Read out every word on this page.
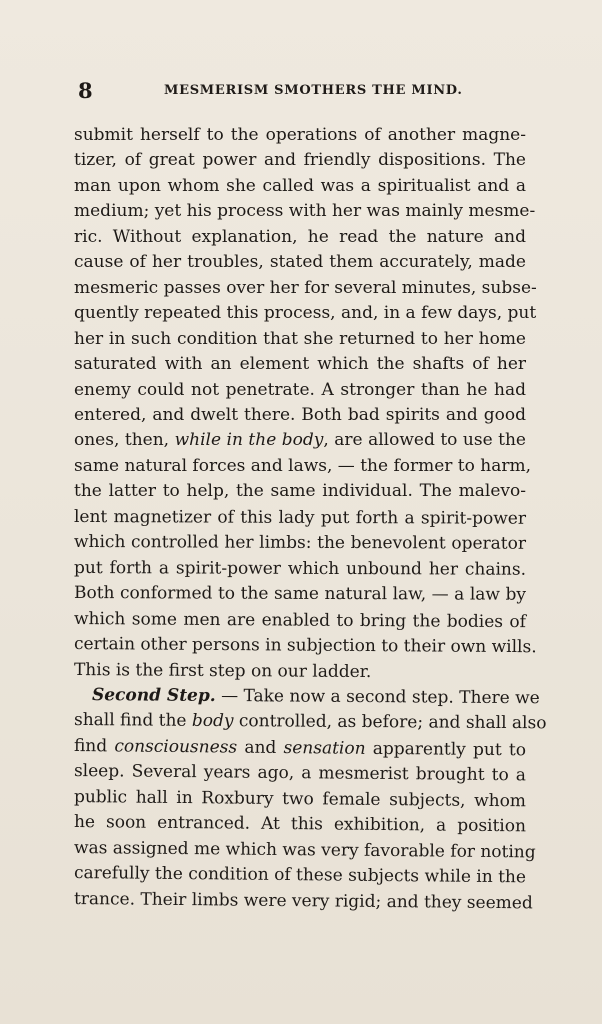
8	MESMERISM SMOTHERS THE MIND.
submit herself to the operations of another magne-
tizer, of great power and friendly dispositions. The
man upon whom she called was a spiritualist and a
medium; yet his process with her was mainly mesme-
ric. Without explanation, he read the nature and
cause of her troubles, stated them accurately, made
mesmeric passes over her for several minutes, subse-
quently repeated this process, and, in a few days, put
her in such condition that she returned to her home
saturated with an element which the shafts of her
enemy could not penetrate. A stronger than he had
entered, and dwelt there. Both bad spirits and good
ones, then, while in the body, are allowed to use the
same natural forces and laws, — the former to harm,
the latter to help, the same individual. The malevo-
lent magnetizer of this lady put forth a spirit-power
which controlled her limbs: the benevolent operator
put forth a spirit-power which unbound her chains.
Both conformed to the same natural law, — a law by
which some men are enabled to bring the bodies of
certain other persons in subjection to their own wills.
This is the first step on our ladder.
Second Step. — Take now a second step. There we
shall find the body controlled, as before; and shall also
find consciousness and sensation apparently put to
sleep. Several years ago, a mesmerist brought to a
public hall in Roxbury two female subjects, whom
he soon entranced. At this exhibition, a position
was assigned me which was very favorable for noting
carefully the condition of these subjects while in the
trance. Their limbs were very rigid; and they seemed
